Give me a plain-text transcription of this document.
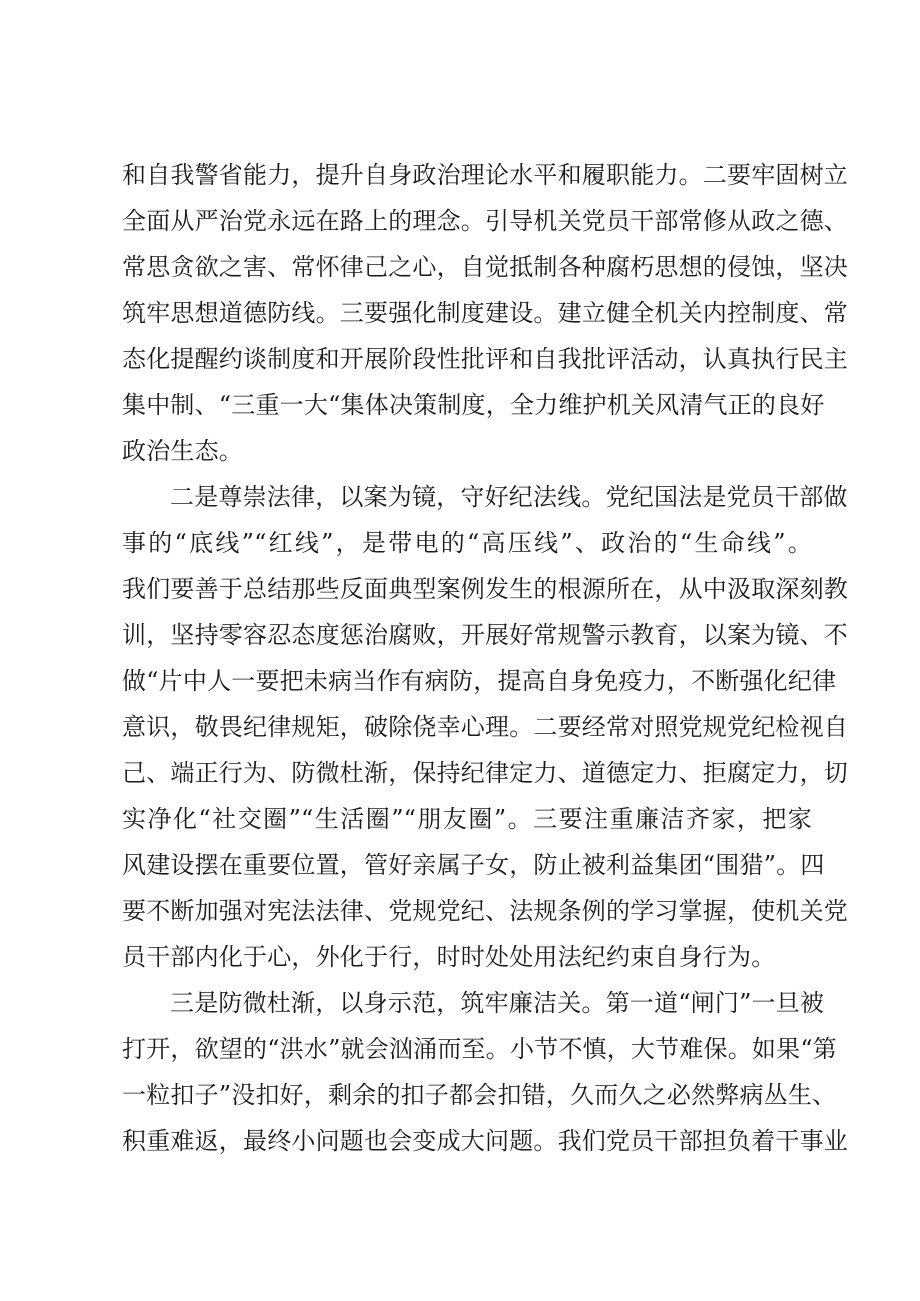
和自我警省能力，提升自身政治理论水平和履职能力。二要牢固树立
全面从严治党永远在路上的理念。引导机关党员干部常修从政之德、
常思贪欲之害、常怀律己之心，自觉抵制各种腐朽思想的侵蚀，坚决
筑牢思想道德防线。三要强化制度建设。建立健全机关内控制度、常
态化提醒约谈制度和开展阶段性批评和自我批评活动，认真执行民主
集中制、“三重一大“集体决策制度，全力维护机关风清气正的良好
政治生态。
二是尊崇法律，以案为镜，守好纪法线。党纪国法是党员干部做
事的“底线”“红线”，是带电的“高压线”、政治的“生命线”。
我们要善于总结那些反面典型案例发生的根源所在，从中汲取深刻教
训，坚持零容忍态度惩治腐败，开展好常规警示教育，以案为镜、不
做“片中人一要把未病当作有病防，提高自身免疫力，不断强化纪律
意识，敬畏纪律规矩，破除侥幸心理。二要经常对照党规党纪检视自
己、端正行为、防微杜渐，保持纪律定力、道德定力、拒腐定力，切
实净化“社交圈”“生活圈”“朋友圈”。三要注重廉洁齐家，把家
风建设摆在重要位置，管好亲属子女，防止被利益集团“围猎”。四
要不断加强对宪法法律、党规党纪、法规条例的学习掌握，使机关党
员干部内化于心，外化于行，时时处处用法纪约束自身行为。
三是防微杜渐，以身示范，筑牢廉洁关。第一道“闸门”一旦被
打开，欲望的“洪水”就会汹涌而至。小节不慎，大节难保。如果“第
一粒扣子”没扣好，剩余的扣子都会扣错，久而久之必然弊病丛生、
积重难返，最终小问题也会变成大问题。我们党员干部担负着干事业
